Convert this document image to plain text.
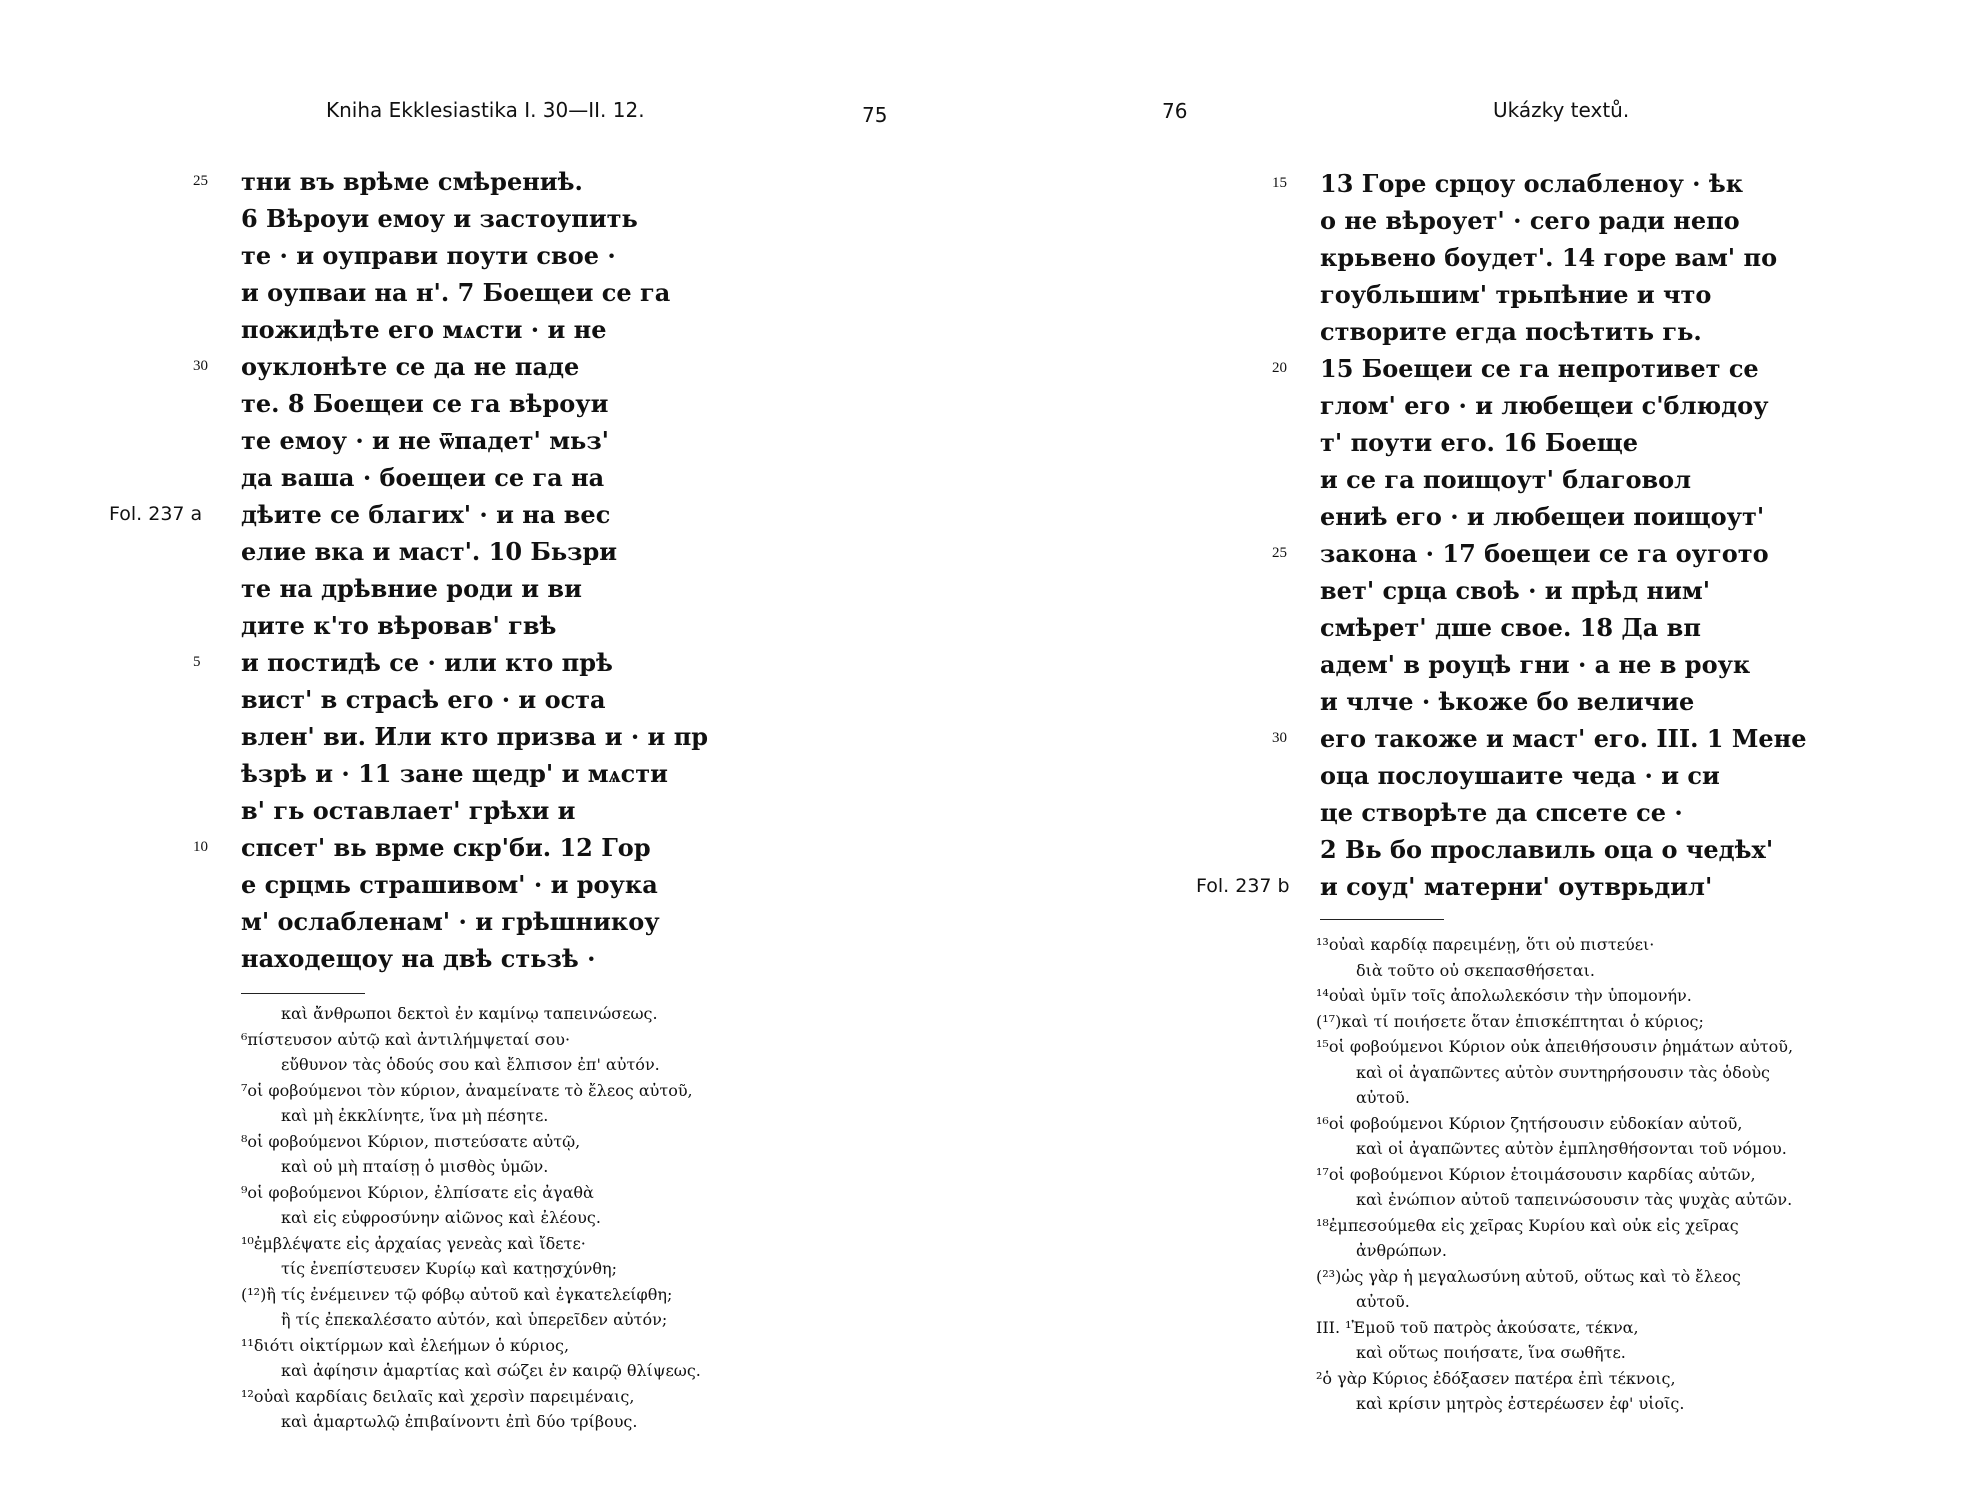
Kniha Ekklesiastika I. 30—II. 12.	75
25 тни въ врѣме смѣрениѣ.
6 Вѣроуи емоу и застоупить
те · и оуправи поути свое ·
и оупваи на н'. 7 Боещеи се га
пожидѣте его мѧсти · и не
30 оуклонѣте се да не паде
те. 8 Боещеи се га вѣроуи
те емоу · и не ѿпадет' мьз'
да ваша · боещеи се га на
Fol. 237 a дѣите се благих' · и на вес
елие вка и маст'. 10 Бьзри
те на дрѣвние роди и ви
дите к'то вѣровав' гвѣ
5 и постидѣ се · или кто прѣ
вист' в страсѣ его · и оста
влен' ви. Или кто призва и · и пр
ѣзрѣ и · 11 зане щедр' и мѧсти
в' гь оставлает' грѣхи и
10 спсет' вь врме скр'би. 12 Гор
е срцмь страшивом' · и роука
м' ослабленам' · и грѣшникоу
находещоу на двѣ стьзѣ ·
καὶ ἄνθρωποι δεκτοὶ ἐν καμίνῳ ταπεινώσεως.
⁶πίστευσον αὐτῷ καὶ ἀντιλήμψεταί σου·
εὔθυνον τὰς ὁδούς σου καὶ ἔλπισον ἐπ' αὐτόν.
⁷οἱ φοβούμενοι τὸν κύριον, ἀναμείνατε τὸ ἔλεος αὐτοῦ,
καὶ μὴ ἐκκλίνητε, ἵνα μὴ πέσητε.
⁸οἱ φοβούμενοι Κύριον, πιστεύσατε αὐτῷ,
καὶ οὐ μὴ πταίσῃ ὁ μισθὸς ὑμῶν.
⁹οἱ φοβούμενοι Κύριον, ἐλπίσατε εἰς ἀγαθὰ
καὶ εἰς εὐφροσύνην αἰῶνος καὶ ἐλέους.
¹⁰ἐμβλέψατε εἰς ἀρχαίας γενεὰς καὶ ἴδετε·
τίς ἐνεπίστευσεν Κυρίῳ καὶ κατῃσχύνθη;
(¹²)ἢ τίς ἐνέμεινεν τῷ φόβῳ αὐτοῦ καὶ ἐγκατελείφθη;
ἢ τίς ἐπεκαλέσατο αὐτόν, καὶ ὑπερεῖδεν αὐτόν;
¹¹διότι οἰκτίρμων καὶ ἐλεήμων ὁ κύριος,
καὶ ἀφίησιν ἁμαρτίας καὶ σώζει ἐν καιρῷ θλίψεως.
¹²οὐαὶ καρδίαις δειλαῖς καὶ χερσὶν παρειμέναις,
καὶ ἁμαρτωλῷ ἐπιβαίνοντι ἐπὶ δύο τρίβους.
76	Ukázky textů.
15 13 Горе срцоу ослабленоу · ѣк
о не вѣроует' · сего ради непо
крьвено боудет'. 14 горе вам' по
гоубльшим' трьпѣние и что
створите егда посѣтить гь.
20 15 Боещеи се га непротивет се
глом' его · и любещеи с'блюдоу
т' поути его. 16 Боеще
и се га поищоут' благовол
ениѣ его · и любещеи поищоут'
25 закона · 17 боещеи се га оуготo
вет' срца своѣ · и прѣд ним'
смѣрет' дше свое. 18 Да вп
адем' в роуцѣ гни · а не в роук
и члче · ѣкоже бо величие
30 его такоже и маст' его. III. 1 Мене
оца послоушаите чеда · и си
це створѣте да спсете се ·
2 Вь бо прославиль оца о чедѣх'
Fol. 237 b и соуд' матерни' оутврьдил'
¹³οὐαὶ καρδίᾳ παρειμένῃ, ὅτι οὐ πιστεύει·
διὰ τοῦτο οὐ σκεπασθήσεται.
¹⁴οὐαὶ ὑμῖν τοῖς ἀπολωλεκόσιν τὴν ὑπομονήν.
(¹⁷)καὶ τί ποιήσετε ὅταν ἐπισκέπτηται ὁ κύριος;
¹⁵οἱ φοβούμενοι Κύριον οὐκ ἀπειθήσουσιν ῥημάτων αὐτοῦ,
καὶ οἱ ἀγαπῶντες αὐτὸν συντηρήσουσιν τὰς ὁδοὺς
αὐτοῦ.
¹⁶οἱ φοβούμενοι Κύριον ζητήσουσιν εὐδοκίαν αὐτοῦ,
καὶ οἱ ἀγαπῶντες αὐτὸν ἐμπλησθήσονται τοῦ νόμου.
¹⁷οἱ φοβούμενοι Κύριον ἑτοιμάσουσιν καρδίας αὐτῶν,
καὶ ἐνώπιον αὐτοῦ ταπεινώσουσιν τὰς ψυχὰς αὐτῶν.
¹⁸ἐμπεσούμεθα εἰς χεῖρας Κυρίου καὶ οὐκ εἰς χεῖρας
ἀνθρώπων.
(²³)ὡς γὰρ ἡ μεγαλωσύνη αὐτοῦ, οὕτως καὶ τὸ ἔλεος
αὐτοῦ.
III. ¹Ἐμοῦ τοῦ πατρὸς ἀκούσατε, τέκνα,
καὶ οὕτως ποιήσατε, ἵνα σωθῆτε.
²ὁ γὰρ Κύριος ἐδόξασεν πατέρα ἐπὶ τέκνοις,
καὶ κρίσιν μητρὸς ἐστερέωσεν ἐφ' υἱοῖς.
